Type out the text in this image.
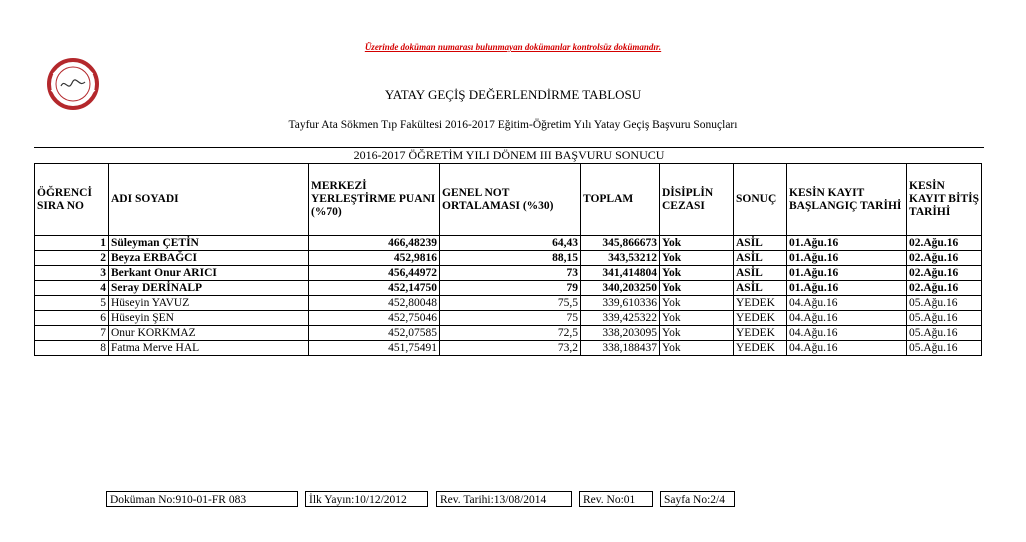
Üzerinde doküman numarası bulunmayan dokümanlar kontrolsüz dokümandır.
YATAY GEÇİŞ DEĞERLENDİRME TABLOSU
Tayfur Ata Sökmen Tıp Fakültesi 2016-2017 Eğitim-Öğretim Yılı Yatay Geçiş Başvuru Sonuçları
2016-2017 ÖĞRETİM YILI DÖNEM III BAŞVURU SONUCU
ÖĞRENCİ SIRA NO	ADI SOYADI	MERKEZİ YERLEŞTİRME PUANI (%70)	GENEL NOT ORTALAMASI (%30)	TOPLAM	DİSİPLİN CEZASI	SONUÇ	KESİN KAYIT BAŞLANGIÇ TARİHİ	KESİN KAYIT BİTİŞ TARİHİ
1	Süleyman ÇETİN	466,48239	64,43	345,866673	Yok	ASİL	01.Ağu.16	02.Ağu.16
2	Beyza ERBAĞCI	452,9816	88,15	343,53212	Yok	ASİL	01.Ağu.16	02.Ağu.16
3	Berkant Onur ARICI	456,44972	73	341,414804	Yok	ASİL	01.Ağu.16	02.Ağu.16
4	Seray DERİNALP	452,14750	79	340,203250	Yok	ASİL	01.Ağu.16	02.Ağu.16
5	Hüseyin YAVUZ	452,80048	75,5	339,610336	Yok	YEDEK	04.Ağu.16	05.Ağu.16
6	Hüseyin ŞEN	452,75046	75	339,425322	Yok	YEDEK	04.Ağu.16	05.Ağu.16
7	Onur KORKMAZ	452,07585	72,5	338,203095	Yok	YEDEK	04.Ağu.16	05.Ağu.16
8	Fatma Merve HAL	451,75491	73,2	338,188437	Yok	YEDEK	04.Ağu.16	05.Ağu.16
Doküman No:910-01-FR 083	İlk Yayın:10/12/2012	Rev. Tarihi:13/08/2014	Rev. No:01	Sayfa No:2/4
